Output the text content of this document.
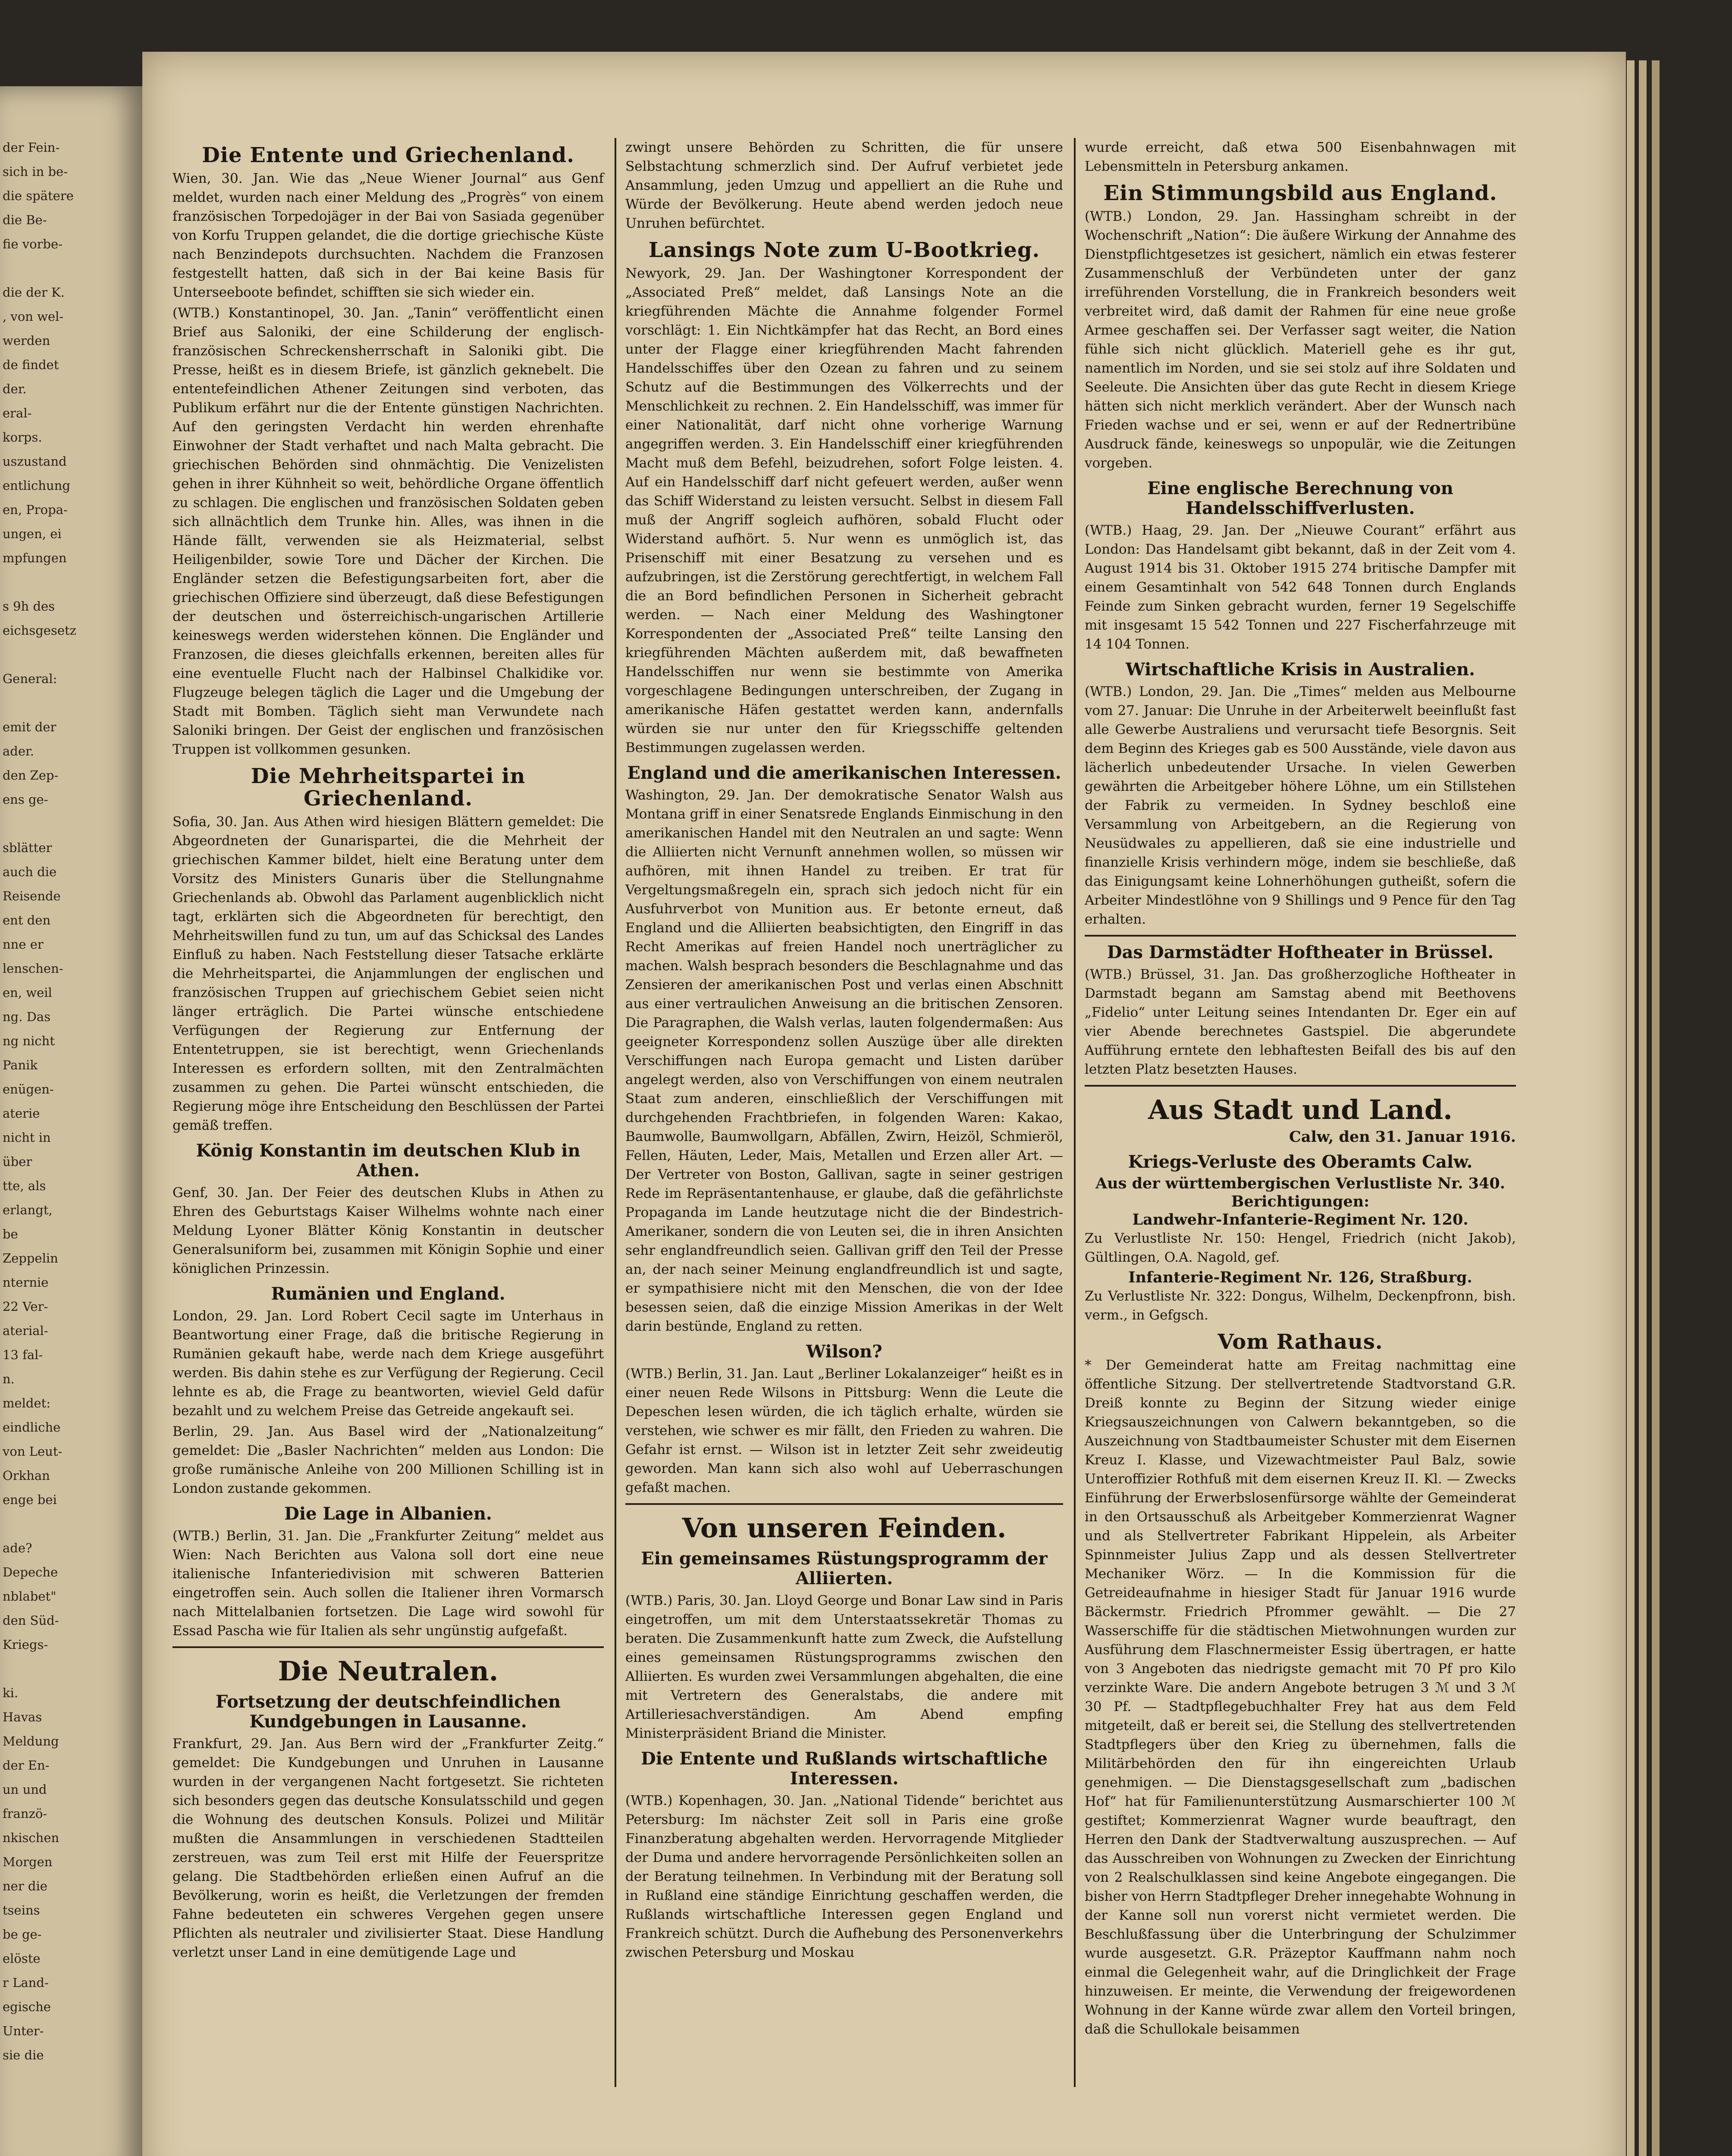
der Fein-
sich in be-
die spätere
die Be-
fie vorbe-
die der K.
, von wel-
werden
de findet
der.
eral-
korps.
uszustand
entlichung
en, Propa-
ungen, ei
mpfungen
s 9h des
eichsgesetz
General:
emit der
ader.
den Zep-
ens ge-
sblätter
auch die
Reisende
ent den
nne er
lenschen-
en, weil
ng. Das
ng nicht
Panik
enügen-
aterie
nicht in
über
tte, als
erlangt,
be
Zeppelin
nternie
22 Ver-
aterial-
13 fal-
n.
meldet:
eindliche
von Leut-
Orkhan
enge bei
ade?
Depeche
nblabet"
den Süd-
Kriegs-
ki.
Havas
Meldung
der En-
un und
franzö-
nkischen
Morgen
ner die
tseins
be ge-
elöste
r Land-
egische
Unter-
sie die
Die Entente und Griechenland.

Wien, 30. Jan. Wie das „Neue Wiener Journal“ aus Genf meldet, wurden nach einer Meldung des „Progrès“ von einem französischen Torpedojäger in der Bai von Sasiada gegenüber von Korfu Truppen gelandet, die die dortige griechische Küste nach Benzindepots durchsuchten. Nachdem die Franzosen festgestellt hatten, daß sich in der Bai keine Basis für Unterseeboote befindet, schifften sie sich wieder ein.

(WTB.) Konstantinopel, 30. Jan. „Tanin“ veröffentlicht einen Brief aus Saloniki, der eine Schilderung der englisch-französischen Schreckensherrschaft in Saloniki gibt. Die Presse, heißt es in diesem Briefe, ist gänzlich geknebelt. Die ententefeindlichen Athener Zeitungen sind verboten, das Publikum erfährt nur die der Entente günstigen Nachrichten. Auf den geringsten Verdacht hin werden ehrenhafte Einwohner der Stadt verhaftet und nach Malta gebracht. Die griechischen Behörden sind ohnmächtig. Die Venizelisten gehen in ihrer Kühnheit so weit, behördliche Organe öffentlich zu schlagen. Die englischen und französischen Soldaten geben sich allnächtlich dem Trunke hin. Alles, was ihnen in die Hände fällt, verwenden sie als Heizmaterial, selbst Heiligenbilder, sowie Tore und Dächer der Kirchen. Die Engländer setzen die Befestigungsarbeiten fort, aber die griechischen Offiziere sind überzeugt, daß diese Befestigungen der deutschen und österreichisch-ungarischen Artillerie keineswegs werden widerstehen können. Die Engländer und Franzosen, die dieses gleichfalls erkennen, bereiten alles für eine eventuelle Flucht nach der Halbinsel Chalkidike vor. Flugzeuge belegen täglich die Lager und die Umgebung der Stadt mit Bomben. Täglich sieht man Verwundete nach Saloniki bringen. Der Geist der englischen und französischen Truppen ist vollkommen gesunken.

Die Mehrheitspartei in Griechenland.

Sofia, 30. Jan. Aus Athen wird hiesigen Blättern gemeldet: Die Abgeordneten der Gunarispartei, die die Mehrheit der griechischen Kammer bildet, hielt eine Beratung unter dem Vorsitz des Ministers Gunaris über die Stellungnahme Griechenlands ab. Obwohl das Parlament augenblicklich nicht tagt, erklärten sich die Abgeordneten für berechtigt, den Mehrheitswillen fund zu tun, um auf das Schicksal des Landes Einfluß zu haben. Nach Feststellung dieser Tatsache erklärte die Mehrheitspartei, die Anjammlungen der englischen und französischen Truppen auf griechischem Gebiet seien nicht länger erträglich. Die Partei wünsche entschiedene Verfügungen der Regierung zur Entfernung der Ententetruppen, sie ist berechtigt, wenn Griechenlands Interessen es erfordern sollten, mit den Zentralmächten zusammen zu gehen. Die Partei wünscht entschieden, die Regierung möge ihre Entscheidung den Beschlüssen der Partei gemäß treffen.

König Konstantin im deutschen Klub in Athen.

Genf, 30. Jan. Der Feier des deutschen Klubs in Athen zu Ehren des Geburtstags Kaiser Wilhelms wohnte nach einer Meldung Lyoner Blätter König Konstantin in deutscher Generalsuniform bei, zusammen mit Königin Sophie und einer königlichen Prinzessin.

Rumänien und England.

London, 29. Jan. Lord Robert Cecil sagte im Unterhaus in Beantwortung einer Frage, daß die britische Regierung in Rumänien gekauft habe, werde nach dem Kriege ausgeführt werden. Bis dahin stehe es zur Verfügung der Regierung. Cecil lehnte es ab, die Frage zu beantworten, wieviel Geld dafür bezahlt und zu welchem Preise das Getreide angekauft sei.

Berlin, 29. Jan. Aus Basel wird der „Nationalzeitung“ gemeldet: Die „Basler Nachrichten“ melden aus London: Die große rumänische Anleihe von 200 Millionen Schilling ist in London zustande gekommen.

Die Lage in Albanien.

(WTB.) Berlin, 31. Jan. Die „Frankfurter Zeitung“ meldet aus Wien: Nach Berichten aus Valona soll dort eine neue italienische Infanteriedivision mit schweren Batterien eingetroffen sein. Auch sollen die Italiener ihren Vormarsch nach Mittelalbanien fortsetzen. Die Lage wird sowohl für Essad Pascha wie für Italien als sehr ungünstig aufgefaßt.

Die Neutralen.
Fortsetzung der deutschfeindlichen Kundgebungen in Lausanne.

Frankfurt, 29. Jan. Aus Bern wird der „Frankfurter Zeitg.“ gemeldet: Die Kundgebungen und Unruhen in Lausanne wurden in der vergangenen Nacht fortgesetzt. Sie richteten sich besonders gegen das deutsche Konsulatsschild und gegen die Wohnung des deutschen Konsuls. Polizei und Militär mußten die Ansammlungen in verschiedenen Stadtteilen zerstreuen, was zum Teil erst mit Hilfe der Feuerspritze gelang. Die Stadtbehörden erließen einen Aufruf an die Bevölkerung, worin es heißt, die Verletzungen der fremden Fahne bedeuteten ein schweres Vergehen gegen unsere Pflichten als neutraler und zivilisierter Staat. Diese Handlung verletzt unser Land in eine demütigende Lage und

zwingt unsere Behörden zu Schritten, die für unsere Selbstachtung schmerzlich sind. Der Aufruf verbietet jede Ansammlung, jeden Umzug und appelliert an die Ruhe und Würde der Bevölkerung. Heute abend werden jedoch neue Unruhen befürchtet.

Lansings Note zum U-Bootkrieg.

Newyork, 29. Jan. Der Washingtoner Korrespondent der „Associated Preß“ meldet, daß Lansings Note an die kriegführenden Mächte die Annahme folgender Formel vorschlägt: 1. Ein Nichtkämpfer hat das Recht, an Bord eines unter der Flagge einer kriegführenden Macht fahrenden Handelsschiffes über den Ozean zu fahren und zu seinem Schutz auf die Bestimmungen des Völkerrechts und der Menschlichkeit zu rechnen. 2. Ein Handelsschiff, was immer für einer Nationalität, darf nicht ohne vorherige Warnung angegriffen werden. 3. Ein Handelsschiff einer kriegführenden Macht muß dem Befehl, beizudrehen, sofort Folge leisten. 4. Auf ein Handelsschiff darf nicht gefeuert werden, außer wenn das Schiff Widerstand zu leisten versucht. Selbst in diesem Fall muß der Angriff sogleich aufhören, sobald Flucht oder Widerstand aufhört. 5. Nur wenn es unmöglich ist, das Prisenschiff mit einer Besatzung zu versehen und es aufzubringen, ist die Zerstörung gerechtfertigt, in welchem Fall die an Bord befindlichen Personen in Sicherheit gebracht werden. — Nach einer Meldung des Washingtoner Korrespondenten der „Associated Preß“ teilte Lansing den kriegführenden Mächten außerdem mit, daß bewaffneten Handelsschiffen nur wenn sie bestimmte von Amerika vorgeschlagene Bedingungen unterschreiben, der Zugang in amerikanische Häfen gestattet werden kann, andernfalls würden sie nur unter den für Kriegsschiffe geltenden Bestimmungen zugelassen werden.

England und die amerikanischen Interessen.

Washington, 29. Jan. Der demokratische Senator Walsh aus Montana griff in einer Senatsrede Englands Einmischung in den amerikanischen Handel mit den Neutralen an und sagte: Wenn die Alliierten nicht Vernunft annehmen wollen, so müssen wir aufhören, mit ihnen Handel zu treiben. Er trat für Vergeltungsmaßregeln ein, sprach sich jedoch nicht für ein Ausfuhrverbot von Munition aus. Er betonte erneut, daß England und die Alliierten beabsichtigten, den Eingriff in das Recht Amerikas auf freien Handel noch unerträglicher zu machen. Walsh besprach besonders die Beschlagnahme und das Zensieren der amerikanischen Post und verlas einen Abschnitt aus einer vertraulichen Anweisung an die britischen Zensoren. Die Paragraphen, die Walsh verlas, lauten folgendermaßen: Aus geeigneter Korrespondenz sollen Auszüge über alle direkten Verschiffungen nach Europa gemacht und Listen darüber angelegt werden, also von Verschiffungen von einem neutralen Staat zum anderen, einschließlich der Verschiffungen mit durchgehenden Frachtbriefen, in folgenden Waren: Kakao, Baumwolle, Baumwollgarn, Abfällen, Zwirn, Heizöl, Schmieröl, Fellen, Häuten, Leder, Mais, Metallen und Erzen aller Art. — Der Vertreter von Boston, Gallivan, sagte in seiner gestrigen Rede im Repräsentantenhause, er glaube, daß die gefährlichste Propaganda im Lande heutzutage nicht die der Bindestrich-Amerikaner, sondern die von Leuten sei, die in ihren Ansichten sehr englandfreundlich seien. Gallivan griff den Teil der Presse an, der nach seiner Meinung englandfreundlich ist und sagte, er sympathisiere nicht mit den Menschen, die von der Idee besessen seien, daß die einzige Mission Amerikas in der Welt darin bestünde, England zu retten.

Wilson?

(WTB.) Berlin, 31. Jan. Laut „Berliner Lokalanzeiger“ heißt es in einer neuen Rede Wilsons in Pittsburg: Wenn die Leute die Depeschen lesen würden, die ich täglich erhalte, würden sie verstehen, wie schwer es mir fällt, den Frieden zu wahren. Die Gefahr ist ernst. — Wilson ist in letzter Zeit sehr zweideutig geworden. Man kann sich also wohl auf Ueberraschungen gefaßt machen.

Von unseren Feinden.
Ein gemeinsames Rüstungsprogramm der Alliierten.

(WTB.) Paris, 30. Jan. Lloyd George und Bonar Law sind in Paris eingetroffen, um mit dem Unterstaatssekretär Thomas zu beraten. Die Zusammenkunft hatte zum Zweck, die Aufstellung eines gemeinsamen Rüstungsprogramms zwischen den Alliierten. Es wurden zwei Versammlungen abgehalten, die eine mit Vertretern des Generalstabs, die andere mit Artilleriesachverständigen. Am Abend empfing Ministerpräsident Briand die Minister.

Die Entente und Rußlands wirtschaftliche Interessen.

(WTB.) Kopenhagen, 30. Jan. „National Tidende“ berichtet aus Petersburg: Im nächster Zeit soll in Paris eine große Finanzberatung abgehalten werden. Hervorragende Mitglieder der Duma und andere hervorragende Persönlichkeiten sollen an der Beratung teilnehmen. In Verbindung mit der Beratung soll in Rußland eine ständige Einrichtung geschaffen werden, die Rußlands wirtschaftliche Interessen gegen England und Frankreich schützt. Durch die Aufhebung des Personenverkehrs zwischen Petersburg und Moskau

wurde erreicht, daß etwa 500 Eisenbahnwagen mit Lebensmitteln in Petersburg ankamen.

Ein Stimmungsbild aus England.

(WTB.) London, 29. Jan. Hassingham schreibt in der Wochenschrift „Nation“: Die äußere Wirkung der Annahme des Dienstpflichtgesetzes ist gesichert, nämlich ein etwas festerer Zusammenschluß der Verbündeten unter der ganz irreführenden Vorstellung, die in Frankreich besonders weit verbreitet wird, daß damit der Rahmen für eine neue große Armee geschaffen sei. Der Verfasser sagt weiter, die Nation fühle sich nicht glücklich. Materiell gehe es ihr gut, namentlich im Norden, und sie sei stolz auf ihre Soldaten und Seeleute. Die Ansichten über das gute Recht in diesem Kriege hätten sich nicht merklich verändert. Aber der Wunsch nach Frieden wachse und er sei, wenn er auf der Rednertribüne Ausdruck fände, keineswegs so unpopulär, wie die Zeitungen vorgeben.

Eine englische Berechnung von Handelsschiffverlusten.

(WTB.) Haag, 29. Jan. Der „Nieuwe Courant“ erfährt aus London: Das Handelsamt gibt bekannt, daß in der Zeit vom 4. August 1914 bis 31. Oktober 1915 274 britische Dampfer mit einem Gesamtinhalt von 542 648 Tonnen durch Englands Feinde zum Sinken gebracht wurden, ferner 19 Segelschiffe mit insgesamt 15 542 Tonnen und 227 Fischerfahrzeuge mit 14 104 Tonnen.

Wirtschaftliche Krisis in Australien.

(WTB.) London, 29. Jan. Die „Times“ melden aus Melbourne vom 27. Januar: Die Unruhe in der Arbeiterwelt beeinflußt fast alle Gewerbe Australiens und verursacht tiefe Besorgnis. Seit dem Beginn des Krieges gab es 500 Ausstände, viele davon aus lächerlich unbedeutender Ursache. In vielen Gewerben gewährten die Arbeitgeber höhere Löhne, um ein Stillstehen der Fabrik zu vermeiden. In Sydney beschloß eine Versammlung von Arbeitgebern, an die Regierung von Neusüdwales zu appellieren, daß sie eine industrielle und finanzielle Krisis verhindern möge, indem sie beschließe, daß das Einigungsamt keine Lohnerhöhungen gutheißt, sofern die Arbeiter Mindestlöhne von 9 Shillings und 9 Pence für den Tag erhalten.

Das Darmstädter Hoftheater in Brüssel.

(WTB.) Brüssel, 31. Jan. Das großherzogliche Hoftheater in Darmstadt begann am Samstag abend mit Beethovens „Fidelio“ unter Leitung seines Intendanten Dr. Eger ein auf vier Abende berechnetes Gastspiel. Die abgerundete Aufführung erntete den lebhaftesten Beifall des bis auf den letzten Platz besetzten Hauses.

Aus Stadt und Land.

Calw, den 31. Januar 1916.

Kriegs-Verluste des Oberamts Calw.

Aus der württembergischen Verlustliste Nr. 340.

Berichtigungen:

Landwehr-Infanterie-Regiment Nr. 120.

Zu Verlustliste Nr. 150: Hengel, Friedrich (nicht Jakob), Gültlingen, O.A. Nagold, gef.

Infanterie-Regiment Nr. 126, Straßburg.

Zu Verlustliste Nr. 322: Dongus, Wilhelm, Deckenpfronn, bish. verm., in Gefgsch.

Vom Rathaus.

* Der Gemeinderat hatte am Freitag nachmittag eine öffentliche Sitzung. Der stellvertretende Stadtvorstand G.R. Dreiß konnte zu Beginn der Sitzung wieder einige Kriegsauszeichnungen von Calwern bekanntgeben, so die Auszeichnung von Stadtbaumeister Schuster mit dem Eisernen Kreuz I. Klasse, und Vizewachtmeister Paul Balz, sowie Unteroffizier Rothfuß mit dem eisernen Kreuz II. Kl. — Zwecks Einführung der Erwerbslosenfürsorge wählte der Gemeinderat in den Ortsausschuß als Arbeitgeber Kommerzienrat Wagner und als Stellvertreter Fabrikant Hippelein, als Arbeiter Spinnmeister Julius Zapp und als dessen Stellvertreter Mechaniker Wörz. — In die Kommission für die Getreideaufnahme in hiesiger Stadt für Januar 1916 wurde Bäckermstr. Friedrich Pfrommer gewählt. — Die 27 Wasserschiffe für die städtischen Mietwohnungen wurden zur Ausführung dem Flaschnermeister Essig übertragen, er hatte von 3 Angeboten das niedrigste gemacht mit 70 Pf pro Kilo verzinkte Ware. Die andern Angebote betrugen 3 ℳ und 3 ℳ 30 Pf. — Stadtpflegebuchhalter Frey hat aus dem Feld mitgeteilt, daß er bereit sei, die Stellung des stellvertretenden Stadtpflegers über den Krieg zu übernehmen, falls die Militärbehörden den für ihn eingereichten Urlaub genehmigen. — Die Dienstagsgesellschaft zum „badischen Hof“ hat für Familienunterstützung Ausmarschierter 100 ℳ gestiftet; Kommerzienrat Wagner wurde beauftragt, den Herren den Dank der Stadtverwaltung auszusprechen. — Auf das Ausschreiben von Wohnungen zu Zwecken der Einrichtung von 2 Realschulklassen sind keine Angebote eingegangen. Die bisher von Herrn Stadtpfleger Dreher innegehabte Wohnung in der Kanne soll nun vorerst nicht vermietet werden. Die Beschlußfassung über die Unterbringung der Schulzimmer wurde ausgesetzt. G.R. Präzeptor Kauffmann nahm noch einmal die Gelegenheit wahr, auf die Dringlichkeit der Frage hinzuweisen. Er meinte, die Verwendung der freigewordenen Wohnung in der Kanne würde zwar allem den Vorteil bringen, daß die Schullokale beisammen
